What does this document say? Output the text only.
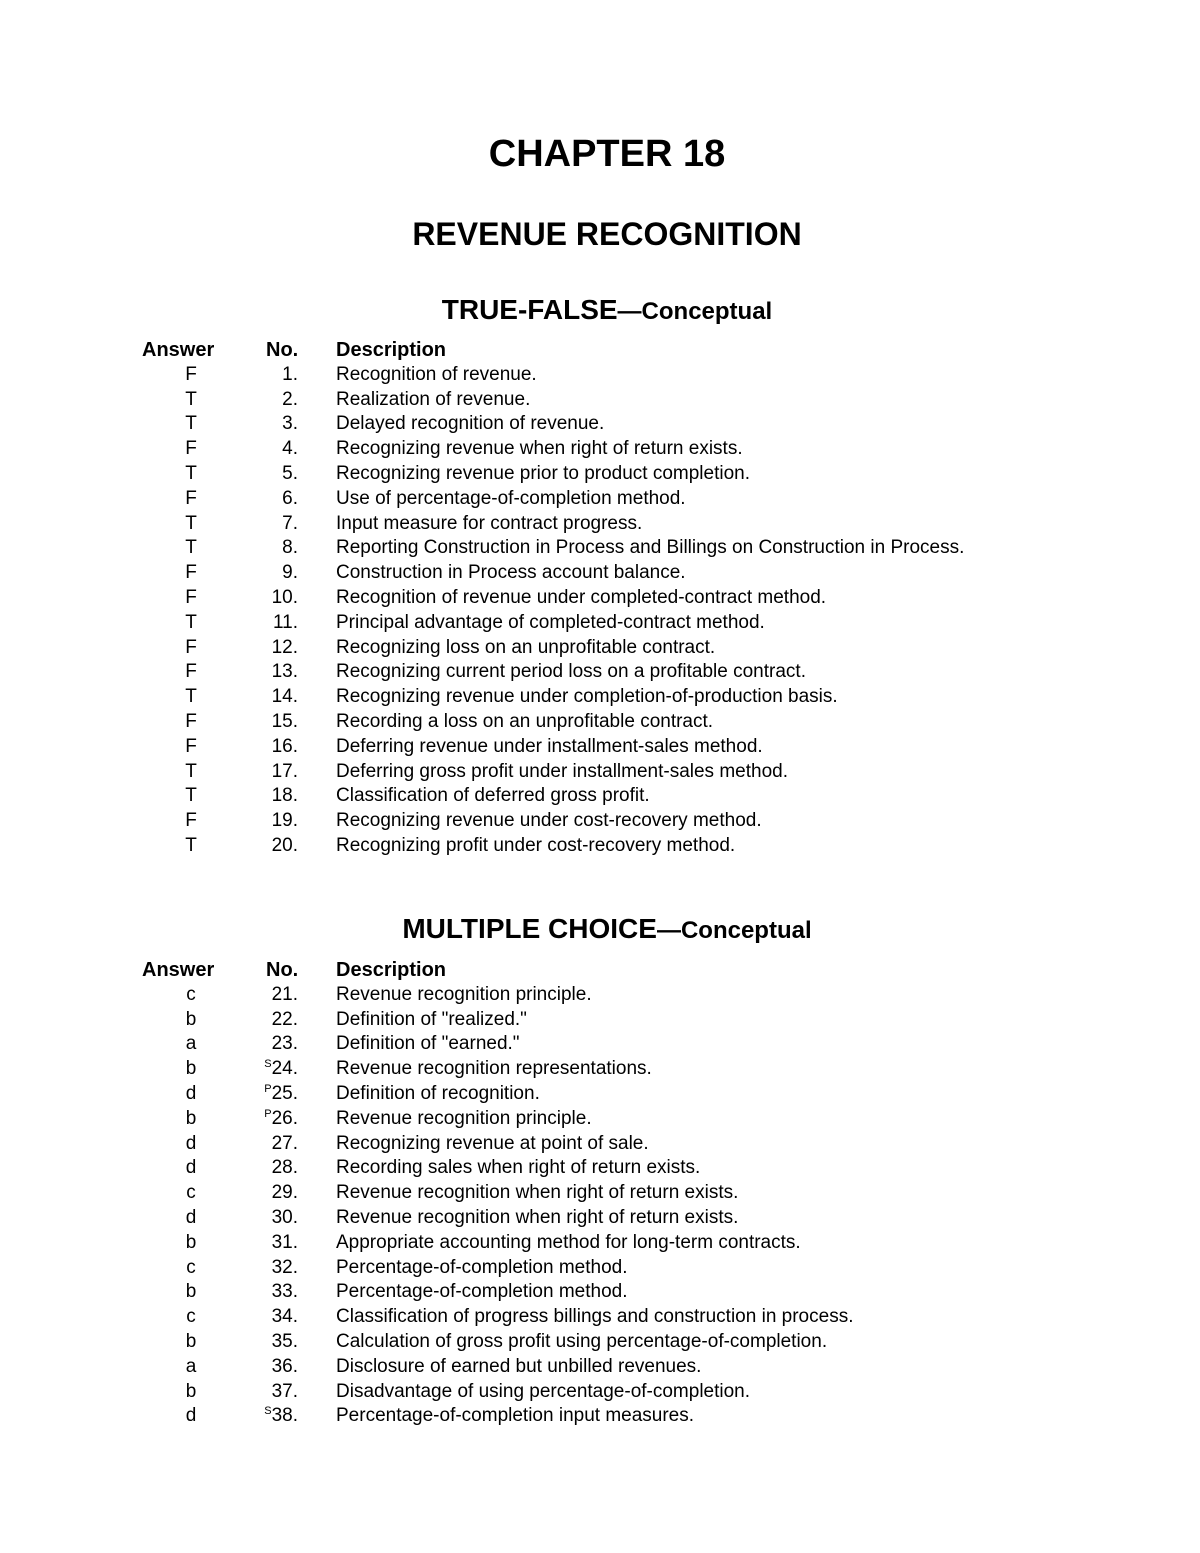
CHAPTER 18
REVENUE RECOGNITION
TRUE-FALSE—Conceptual
Answer	No. Description
F	1. Recognition of revenue.
T	2. Realization of revenue.
T	3. Delayed recognition of revenue.
F	4. Recognizing revenue when right of return exists.
T	5. Recognizing revenue prior to product completion.
F	6. Use of percentage-of-completion method.
T	7. Input measure for contract progress.
T	8. Reporting Construction in Process and Billings on Construction in Process.
F	9. Construction in Process account balance.
F	10. Recognition of revenue under completed-contract method.
T	11. Principal advantage of completed-contract method.
F	12. Recognizing loss on an unprofitable contract.
F	13. Recognizing current period loss on a profitable contract.
T	14. Recognizing revenue under completion-of-production basis.
F	15. Recording a loss on an unprofitable contract.
F	16. Deferring revenue under installment-sales method.
T	17. Deferring gross profit under installment-sales method.
T	18. Classification of deferred gross profit.
F	19. Recognizing revenue under cost-recovery method.
T	20. Recognizing profit under cost-recovery method.
MULTIPLE CHOICE—Conceptual
Answer	No. Description
c	21. Revenue recognition principle.
b	22. Definition of "realized."
a	23. Definition of "earned."
b	$^S$24. Revenue recognition representations.
d	$^P$25. Definition of recognition.
b	$^P$26. Revenue recognition principle.
d	27. Recognizing revenue at point of sale.
d	28. Recording sales when right of return exists.
c	29. Revenue recognition when right of return exists.
d	30. Revenue recognition when right of return exists.
b	31. Appropriate accounting method for long-term contracts.
c	32. Percentage-of-completion method.
b	33. Percentage-of-completion method.
c	34. Classification of progress billings and construction in process.
b	35. Calculation of gross profit using percentage-of-completion.
a	36. Disclosure of earned but unbilled revenues.
b	37. Disadvantage of using percentage-of-completion.
d	$^S$38. Percentage-of-completion input measures.
